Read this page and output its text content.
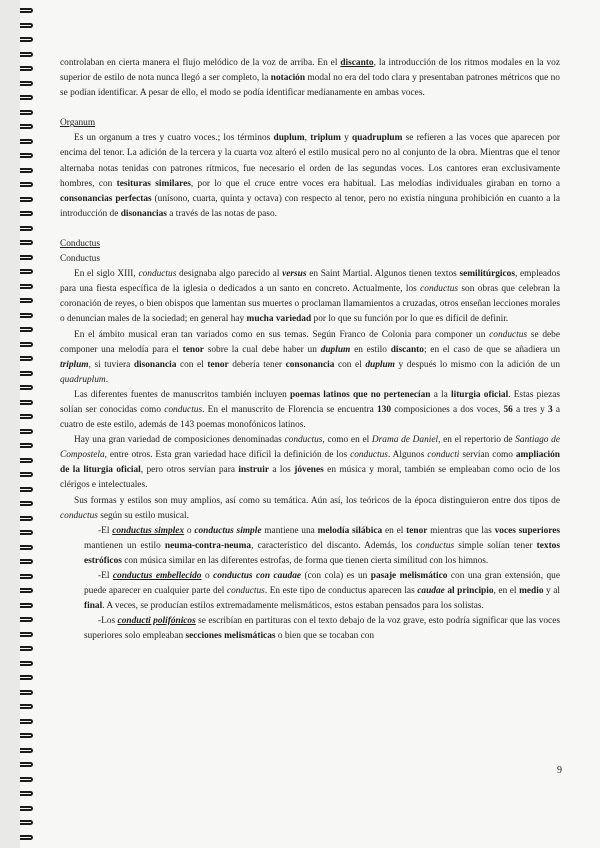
controlaban en cierta manera el flujo melódico de la voz de arriba. En el discanto, la introducción de los ritmos modales en la voz superior de estilo de nota nunca llegó a ser completo, la notación modal no era del todo clara y presentaban patrones métricos que no se podían identificar. A pesar de ello, el modo se podía identificar medianamente en ambas voces.

Organum

Es un organum a tres y cuatro voces.; los términos duplum, triplum y quadruplum se refieren a las voces que aparecen por encima del tenor. La adición de la tercera y la cuarta voz alteró el estilo musical pero no al conjunto de la obra. Mientras que el tenor alternaba notas tenidas con patrones rítmicos, fue necesario el orden de las segundas voces. Los cantores eran exclusivamente hombres, con tesituras similares, por lo que el cruce entre voces era habitual. Las melodías individuales giraban en torno a consonancias perfectas (unísono, cuarta, quinta y octava) con respecto al tenor, pero no existía ninguna prohibición en cuanto a la introducción de disonancias a través de las notas de paso.

Conductus

Conductus

En el siglo XIII, conductus designaba algo parecido al versus en Saint Martial. Algunos tienen textos semilitúrgicos, empleados para una fiesta específica de la iglesia o dedicados a un santo en concreto. Actualmente, los conductus son obras que celebran la coronación de reyes, o bien obispos que lamentan sus muertes o proclaman llamamientos a cruzadas, otros enseñan lecciones morales o denuncian males de la sociedad; en general hay mucha variedad por lo que su función por lo que es difícil de definir.

En el ámbito musical eran tan variados como en sus temas. Según Franco de Colonia para componer un conductus se debe componer una melodía para el tenor sobre la cual debe haber un duplum en estilo discanto; en el caso de que se añadiera un triplum, si tuviera disonancia con el tenor debería tener consonancia con el duplum y después lo mismo con la adición de un quadruplum.

Las diferentes fuentes de manuscritos también incluyen poemas latinos que no pertenecían a la liturgia oficial. Estas piezas solían ser conocidas como conductus. En el manuscrito de Florencia se encuentra 130 composiciones a dos voces, 56 a tres y 3 a cuatro de este estilo, además de 143 poemas monofónicos latinos.

Hay una gran variedad de composiciones denominadas conductus, como en el Drama de Daniel, en el repertorio de Santiago de Compostela, entre otros. Esta gran variedad hace difícil la definición de los conductus. Algunos conducti servían como ampliación de la liturgia oficial, pero otros servían para instruir a los jóvenes en música y moral, también se empleaban como ocio de los clérigos e intelectuales.

Sus formas y estilos son muy amplios, así como su temática. Aún así, los teóricos de la época distinguieron entre dos tipos de conductus según su estilo musical.

-El conductus simplex o conductus simple mantiene una melodía silábica en el tenor mientras que las voces superiores mantienen un estilo neuma-contra-neuma, característico del discanto. Además, los conductus simple solían tener textos estróficos con música similar en las diferentes estrofas, de forma que tienen cierta similitud con los himnos.

-El conductus embellecido o conductus con caudae (con cola) es un pasaje melismático con una gran extensión, que puede aparecer en cualquier parte del conductus. En este tipo de conductus aparecen las caudae al principio, en el medio y al final. A veces, se producían estilos extremadamente melismáticos, estos estaban pensados para los solistas.

-Los conducti polifónicos se escribían en partituras con el texto debajo de la voz grave, esto podría significar que las voces superiores solo empleaban secciones melismáticas o bien que se tocaban con

9
